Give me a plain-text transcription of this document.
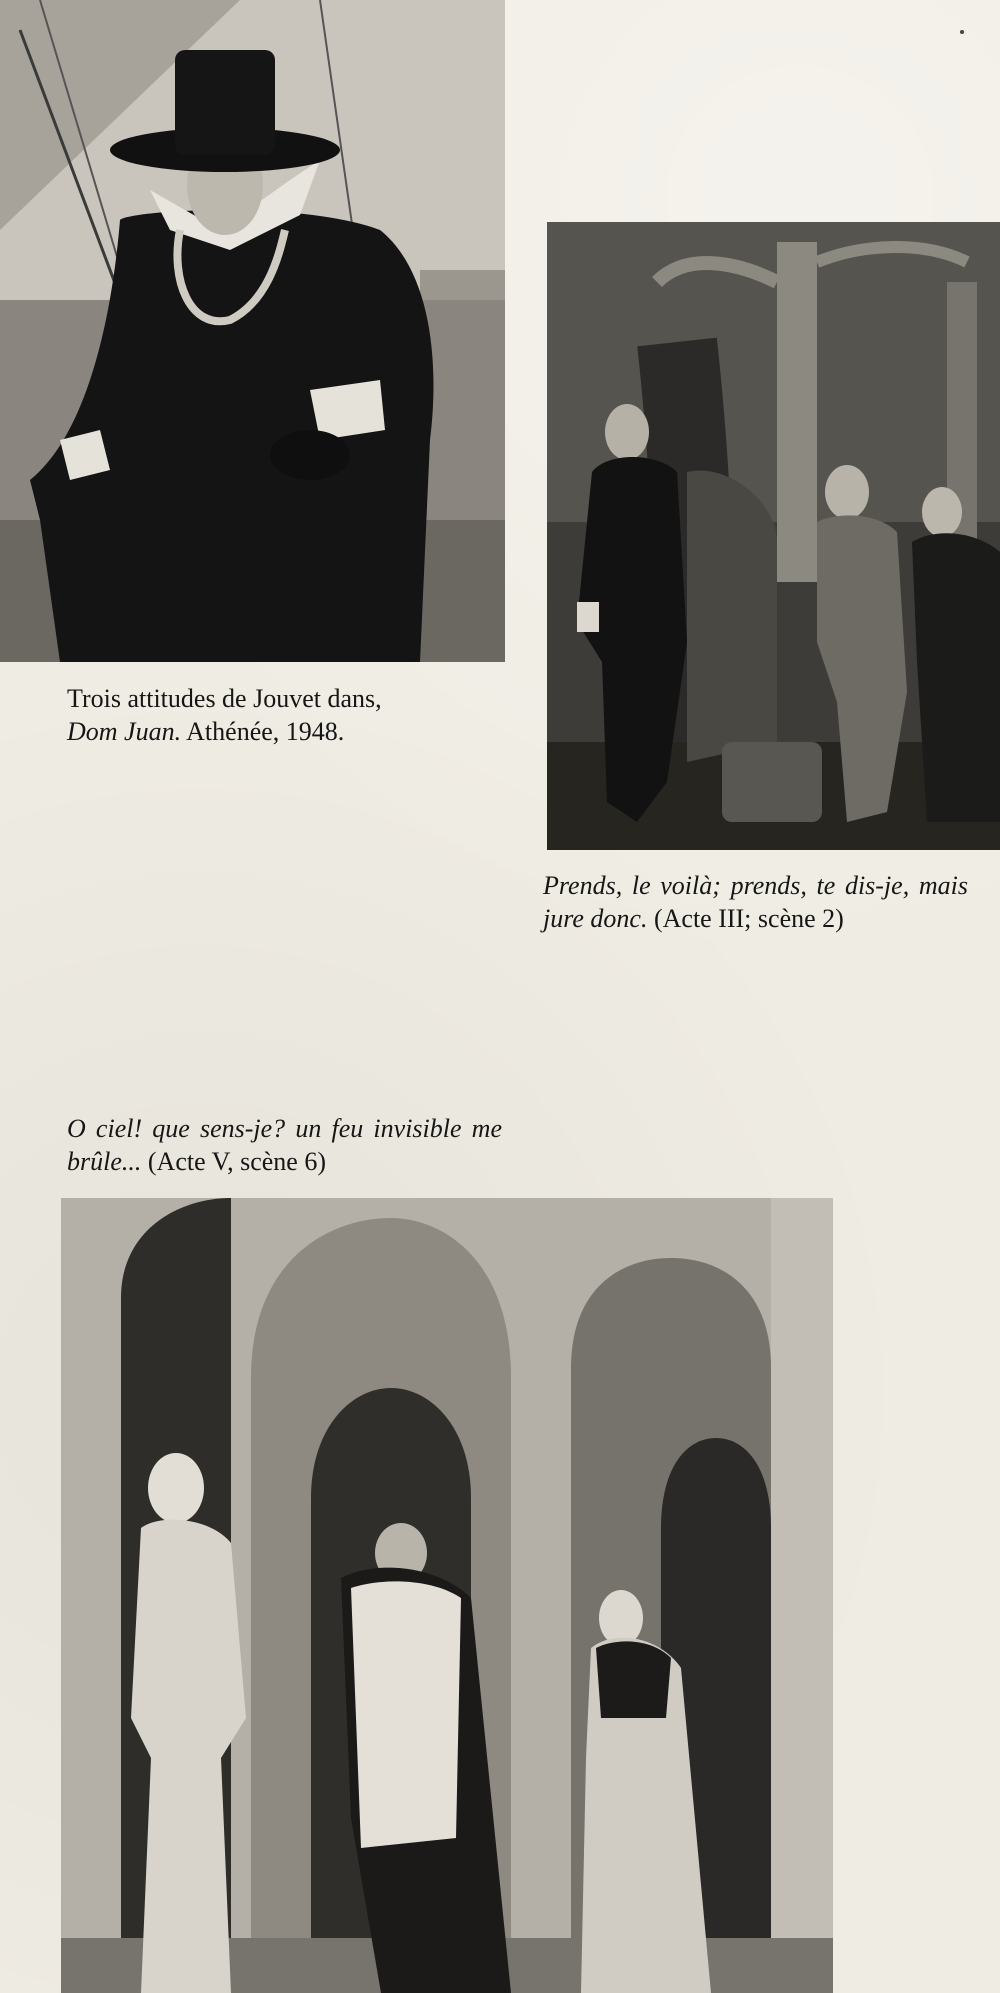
Trois attitudes de Jouvet dans,
Dom Juan. Athénée, 1948.
Prends, le voilà; prends, te dis-je, mais jure donc. (Acte III; scène 2)
O ciel! que sens-je? un feu invisible me brûle... (Acte V, scène 6)
